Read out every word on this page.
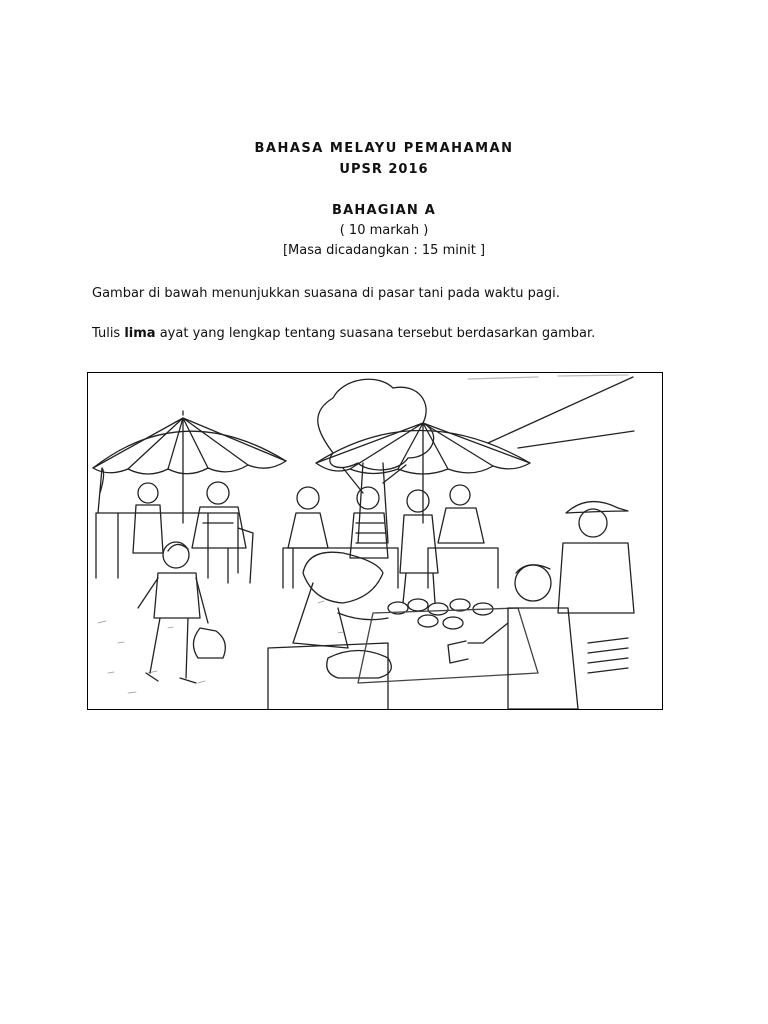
BAHASA MELAYU PEMAHAMAN
UPSR 2016
BAHAGIAN A
( 10 markah )
[Masa dicadangkan : 15 minit ]
Gambar di bawah menunjukkan suasana di pasar tani pada waktu pagi.
Tulis lima ayat yang lengkap tentang suasana tersebut berdasarkan gambar.
